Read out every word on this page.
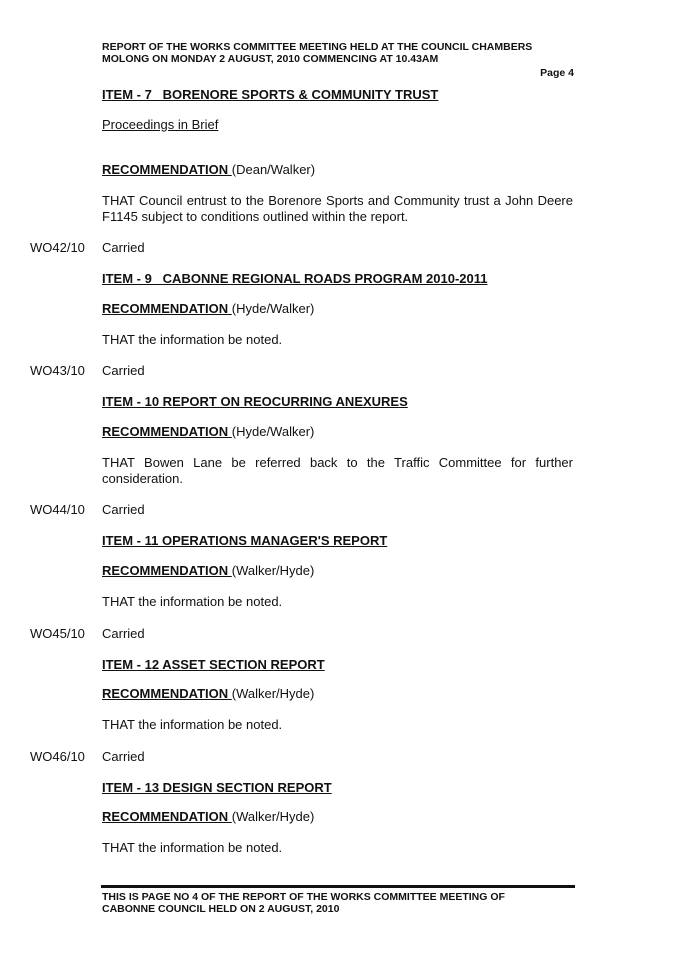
REPORT OF THE WORKS COMMITTEE MEETING HELD AT THE COUNCIL CHAMBERS
MOLONG ON MONDAY 2 AUGUST, 2010 COMMENCING AT 10.43AM
Page 4
ITEM - 7   BORENORE SPORTS & COMMUNITY TRUST
Proceedings in Brief
RECOMMENDATION (Dean/Walker)
THAT Council entrust to the Borenore Sports and Community trust a John Deere F1145 subject to conditions outlined within the report.
WO42/10 Carried
ITEM - 9   CABONNE REGIONAL ROADS PROGRAM 2010-2011
RECOMMENDATION (Hyde/Walker)
THAT the information be noted.
WO43/10 Carried
ITEM - 10 REPORT ON REOCURRING ANEXURES
RECOMMENDATION (Hyde/Walker)
THAT Bowen Lane be referred back to the Traffic Committee for further consideration.
WO44/10 Carried
ITEM - 11 OPERATIONS MANAGER'S REPORT
RECOMMENDATION (Walker/Hyde)
THAT the information be noted.
WO45/10 Carried
ITEM - 12 ASSET SECTION REPORT
RECOMMENDATION (Walker/Hyde)
THAT the information be noted.
WO46/10 Carried
ITEM - 13 DESIGN SECTION REPORT
RECOMMENDATION (Walker/Hyde)
THAT the information be noted.
THIS IS PAGE NO 4 OF THE REPORT OF THE WORKS COMMITTEE MEETING OF
CABONNE COUNCIL HELD ON 2 AUGUST, 2010
